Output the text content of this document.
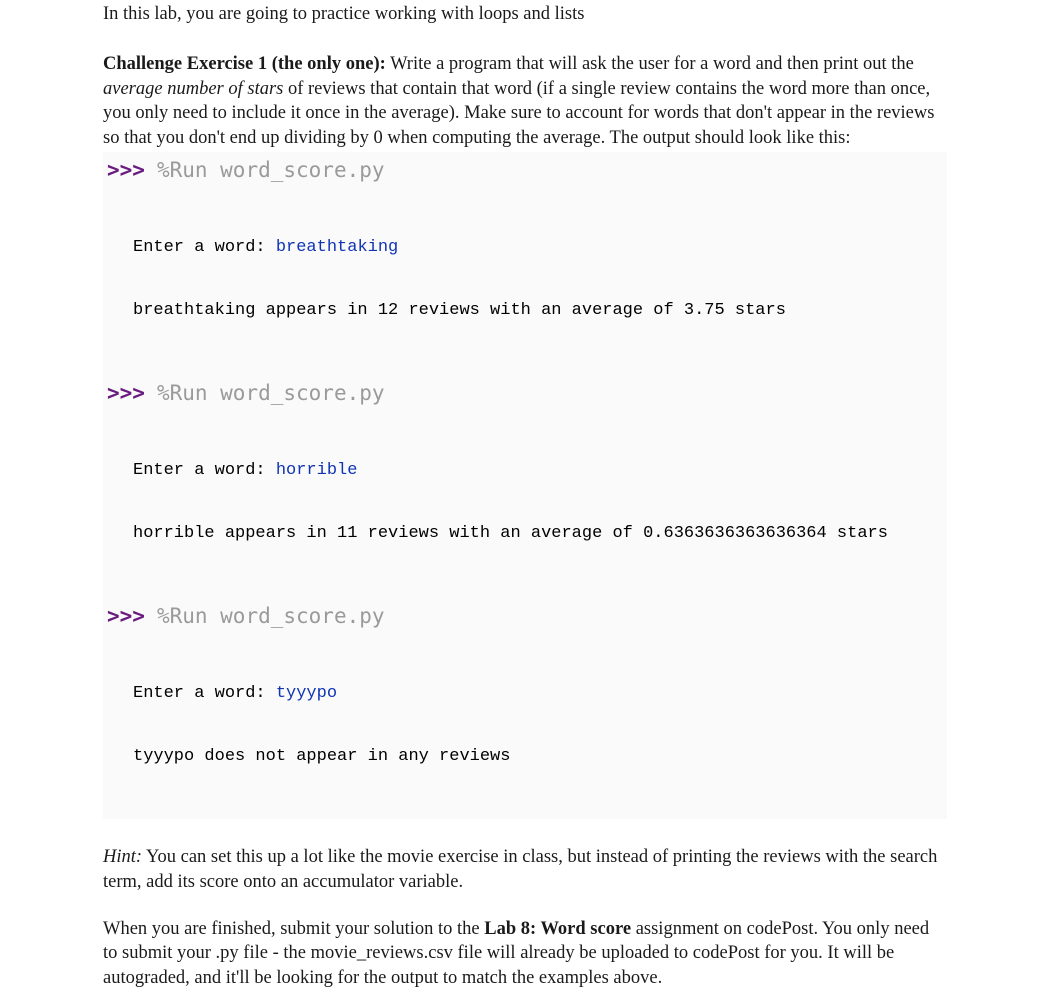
In this lab, you are going to practice working with loops and lists

Challenge Exercise 1 (the only one): Write a program that will ask the user for a word and then print out the average number of stars of reviews that contain that word (if a single review contains the word more than once, you only need to include it once in the average). Make sure to account for words that don't appear in the reviews so that you don't end up dividing by 0 when computing the average. The output should look like this:

>>> %Run word_score.py

Enter a word: breathtaking

breathtaking appears in 12 reviews with an average of 3.75 stars

>>> %Run word_score.py

Enter a word: horrible

horrible appears in 11 reviews with an average of 0.6363636363636364 stars

>>> %Run word_score.py

Enter a word: tyyypo

tyyypo does not appear in any reviews

Hint: You can set this up a lot like the movie exercise in class, but instead of printing the reviews with the search term, add its score onto an accumulator variable.

When you are finished, submit your solution to the Lab 8: Word score assignment on codePost. You only need to submit your .py file - the movie_reviews.csv file will already be uploaded to codePost for you. It will be autograded, and it'll be looking for the output to match the examples above.
